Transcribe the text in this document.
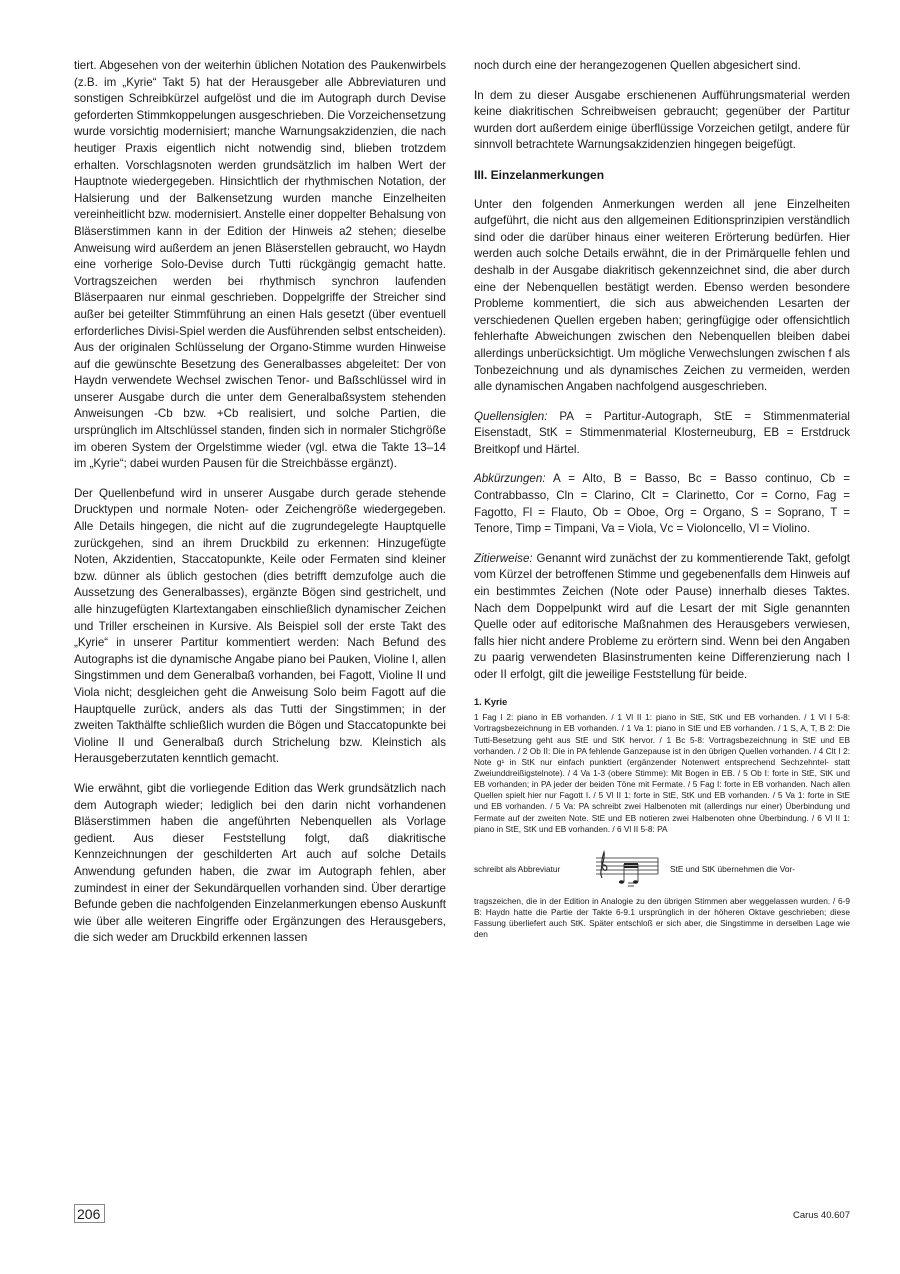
tiert. Abgesehen von der weiterhin üblichen Notation des Paukenwirbels (z.B. im „Kyrie“ Takt 5) hat der Herausgeber alle Abbreviaturen und sonstigen Schreibkürzel aufgelöst und die im Autograph durch Devise geforderten Stimmkoppelungen ausgeschrieben. Die Vorzeichensetzung wurde vorsichtig modernisiert; manche Warnungsakzidenzien, die nach heutiger Praxis eigentlich nicht notwendig sind, blieben trotzdem erhalten. Vorschlagsnoten werden grundsätzlich im halben Wert der Hauptnote wiedergegeben. Hinsichtlich der rhythmischen Notation, der Halsierung und der Balkensetzung wurden manche Einzelheiten vereinheitlicht bzw. modernisiert. Anstelle einer doppelter Behalsung von Bläserstimmen kann in der Edition der Hinweis a2 stehen; dieselbe Anweisung wird außerdem an jenen Bläserstellen gebraucht, wo Haydn eine vorherige Solo-Devise durch Tutti rückgängig gemacht hatte. Vortragszeichen werden bei rhythmisch synchron laufenden Bläserpaaren nur einmal geschrieben. Doppelgriffe der Streicher sind außer bei geteilter Stimmführung an einen Hals gesetzt (über eventuell erforderliches Divisi-Spiel werden die Ausführenden selbst entscheiden). Aus der originalen Schlüsselung der Organo-Stimme wurden Hinweise auf die gewünschte Besetzung des Generalbasses abgeleitet: Der von Haydn verwendete Wechsel zwischen Tenor- und Baßschlüssel wird in unserer Ausgabe durch die unter dem Generalbaßsystem stehenden Anweisungen -Cb bzw. +Cb realisiert, und solche Partien, die ursprünglich im Altschlüssel standen, finden sich in normaler Stichgröße im oberen System der Orgelstimme wieder (vgl. etwa die Takte 13–14 im „Kyrie“; dabei wurden Pausen für die Streichbässe ergänzt).

Der Quellenbefund wird in unserer Ausgabe durch gerade stehende Drucktypen und normale Noten- oder Zeichengröße wiedergegeben. Alle Details hingegen, die nicht auf die zugrundegelegte Hauptquelle zurückgehen, sind an ihrem Druckbild zu erkennen: Hinzugefügte Noten, Akzidentien, Staccatopunkte, Keile oder Fermaten sind kleiner bzw. dünner als üblich gestochen (dies betrifft demzufolge auch die Aussetzung des Generalbasses), ergänzte Bögen sind gestrichelt, und alle hinzugefügten Klartextangaben einschließlich dynamischer Zeichen und Triller erscheinen in Kursive. Als Beispiel soll der erste Takt des „Kyrie“ in unserer Partitur kommentiert werden: Nach Befund des Autographs ist die dynamische Angabe piano bei Pauken, Violine I, allen Singstimmen und dem Generalbaß vorhanden, bei Fagott, Violine II und Viola nicht; desgleichen geht die Anweisung Solo beim Fagott auf die Hauptquelle zurück, anders als das Tutti der Singstimmen; in der zweiten Takthälfte schließlich wurden die Bögen und Staccatopunkte bei Violine II und Generalbaß durch Strichelung bzw. Kleinstich als Herausgeberzutaten kenntlich gemacht.

Wie erwähnt, gibt die vorliegende Edition das Werk grundsätzlich nach dem Autograph wieder; lediglich bei den darin nicht vorhandenen Bläserstimmen haben die angeführten Nebenquellen als Vorlage gedient. Aus dieser Feststellung folgt, daß diakritische Kennzeichnungen der geschilderten Art auch auf solche Details Anwendung gefunden haben, die zwar im Autograph fehlen, aber zumindest in einer der Sekundärquellen vorhanden sind. Über derartige Befunde geben die nachfolgenden Einzelanmerkungen ebenso Auskunft wie über alle weiteren Eingriffe oder Ergänzungen des Herausgebers, die sich weder am Druckbild erkennen lassen

noch durch eine der herangezogenen Quellen abgesichert sind.

In dem zu dieser Ausgabe erschienenen Aufführungsmaterial werden keine diakritischen Schreibweisen gebraucht; gegenüber der Partitur wurden dort außerdem einige überflüssige Vorzeichen getilgt, andere für sinnvoll betrachtete Warnungsakzidenzien hingegen beigefügt.

III. Einzelanmerkungen

Unter den folgenden Anmerkungen werden all jene Einzelheiten aufgeführt, die nicht aus den allgemeinen Editionsprinzipien verständlich sind oder die darüber hinaus einer weiteren Erörterung bedürfen. Hier werden auch solche Details erwähnt, die in der Primärquelle fehlen und deshalb in der Ausgabe diakritisch gekennzeichnet sind, die aber durch eine der Nebenquellen bestätigt werden. Ebenso werden besondere Probleme kommentiert, die sich aus abweichenden Lesarten der verschiedenen Quellen ergeben haben; geringfügige oder offensichtlich fehlerhafte Abweichungen zwischen den Nebenquellen bleiben dabei allerdings unberücksichtigt. Um mögliche Verwechslungen zwischen f als Tonbezeichnung und als dynamisches Zeichen zu vermeiden, werden alle dynamischen Angaben nachfolgend ausgeschrieben.

Quellensiglen: PA = Partitur-Autograph, StE = Stimmenmaterial Eisenstadt, StK = Stimmenmaterial Klosterneuburg, EB = Erstdruck Breitkopf und Härtel.

Abkürzungen: A = Alto, B = Basso, Bc = Basso continuo, Cb = Contrabbasso, Cln = Clarino, Clt = Clarinetto, Cor = Corno, Fag = Fagotto, Fl = Flauto, Ob = Oboe, Org = Organo, S = Soprano, T = Tenore, Timp = Timpani, Va = Viola, Vc = Violoncello, Vl = Violino.

Zitierweise: Genannt wird zunächst der zu kommentierende Takt, gefolgt vom Kürzel der betroffenen Stimme und gegebenenfalls dem Hinweis auf ein bestimmtes Zeichen (Note oder Pause) innerhalb dieses Taktes. Nach dem Doppelpunkt wird auf die Lesart der mit Sigle genannten Quelle oder auf editorische Maßnahmen des Herausgebers verwiesen, falls hier nicht andere Probleme zu erörtern sind. Wenn bei den Angaben zu paarig verwendeten Blasinstrumenten keine Differenzierung nach I oder II erfolgt, gilt die jeweilige Feststellung für beide.

1. Kyrie

1 Fag I 2: piano in EB vorhanden. / 1 Vl II 1: piano in StE, StK und EB vorhanden. / 1 Vl I 5-8: Vortragsbezeichnung in EB vorhanden. / 1 Va 1: piano in StE und EB vorhanden. / 1 S, A, T, B 2: Die Tutti-Besetzung geht aus StE und StK hervor. / 1 Bc 5-8: Vortragsbezeichnung in StE und EB vorhanden. / 2 Ob II: Die in PA fehlende Ganzepause ist in den übrigen Quellen vorhanden. / 4 Clt I 2: Note g¹ in StK nur einfach punktiert (ergänzender Notenwert entsprechend Sechzehntel- statt Zweiunddreißigstelnote). / 4 Va 1-3 (obere Stimme): Mit Bogen in EB. / 5 Ob I: forte in StE, StK und EB vorhanden; in PA jeder der beiden Töne mit Fermate. / 5 Fag I: forte in EB vorhanden. Nach allen Quellen spielt hier nur Fagott I. / 5 Vl II 1: forte in StE, StK und EB vorhanden. / 5 Va 1: forte in StE und EB vorhanden. / 5 Va: PA schreibt zwei Halbenoten mit (allerdings nur einer) Überbindung und Fermate auf der zweiten Note. StE und EB notieren zwei Halbenoten ohne Überbindung. / 6 Vl II 1: piano in StE, StK und EB vorhanden. / 6 Vl II 5-8: PA

schreibt als Abbreviatur	StE und StK übernehmen die Vor-

tragszeichen, die in der Edition in Analogie zu den übrigen Stimmen aber weggelassen wurden. / 6-9 B: Haydn hatte die Partie der Takte 6-9.1 ursprünglich in der höheren Oktave geschrieben; diese Fassung überliefert auch StK. Später entschloß er sich aber, die Singstimme in derselben Lage wie den

206	Carus 40.607
